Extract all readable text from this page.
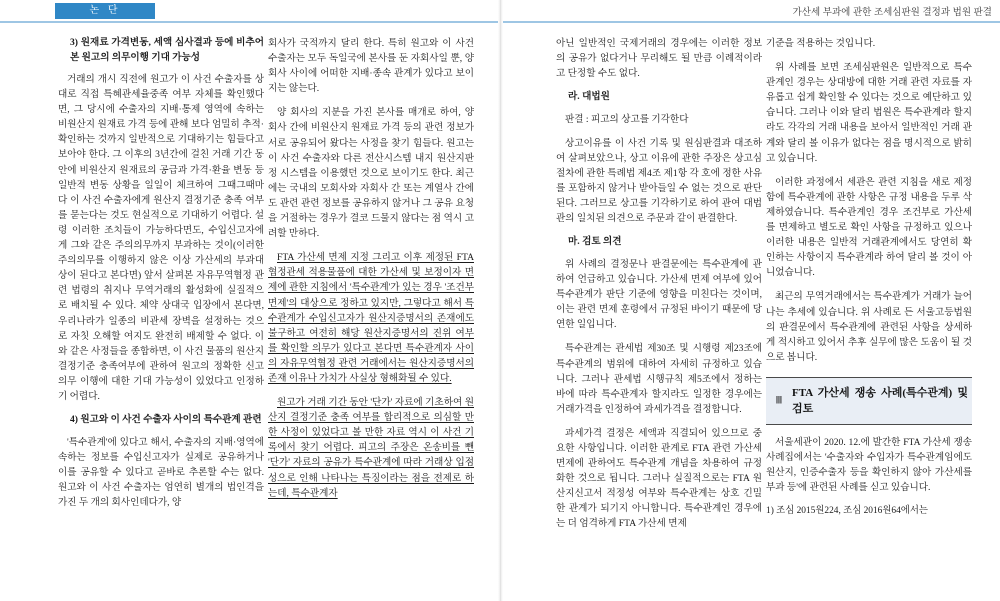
논 단	가산세 부과에 관한 조세심판원 결정과 법원 판결
3) 원재료 가격변동, 세액 심사결과 등에 비추어 본 원고의 의무이행 기대 가능성

거래의 개시 직전에 원고가 이 사건 수출자를 상대로 직접 특혜관세율중족 여부 자체를 확인했다면, 그 당시에 수출자의 지배·통제 영역에 속하는 비원산지 원재료 가격 등에 관해 보다 엄밀히 추적·확인하는 것까지 일반적으로 기대하기는 힘들다고 보아야 한다. 그 이후의 3년간에 걸친 거래 기간 동안에 비원산지 원재료의 공급과 가격·환율 변동 등 일반적 변동 상황을 일일이 체크하여 그때그때마다 이 사건 수출자에게 원산지 결정기준 충족 여부를 묻는다는 것도 현실적으로 기대하기 어렵다. 설령 이러한 조치들이 가능하다면도, 수입신고자에게 그와 같은 주의의무까지 부과하는 것이(이러한 주의의무를 이행하지 않은 이상 가산세의 부과대상이 된다고 본다면) 앞서 살펴본 자유무역협정 관련 법령의 취지나 무역거래의 활성화에 실질적으로 배치될 수 있다. 체약 상대국 입장에서 본다면, 우리나라가 일종의 비관세 장벽을 설정하는 것으로 자칫 오해할 여지도 완전히 배제할 수 없다. 이와 같은 사정들을 종합하면, 이 사건 물품의 원산지결정기준 충족여부에 관하여 원고의 정확한 신고의무 이행에 대한 기대 가능성이 있었다고 인정하기 어렵다.

4) 원고와 이 사건 수출자 사이의 특수관계 관련

'특수관계'에 있다고 해서, 수출자의 지배·영역에 속하는 정보를 수입신고자가 실제로 공유하거나 이를 공유할 수 있다고 곧바로 추론할 수는 없다. 원고와 이 사건 수출자는 엄연히 별개의 법인격을 가진 두 개의 회사인데다가, 양

회사가 국적까지 달리 한다. 특히 원고와 이 사건 수출자는 모두 독일국에 본사를 둔 자회사일 뿐, 양 회사 사이에 어떠한 지배·종속 관계가 있다고 보이지는 않는다.

양 회사의 지분을 가진 본사를 매개로 하여, 양 회사 간에 비원산지 원재료 가격 등의 관련 정보가 서로 공유되어 왔다는 사정을 찾기 힘들다. 원고는 이 사건 수출자와 다른 전산시스템 내지 원산지판정 시스템을 이용했던 것으로 보이기도 한다. 최근에는 국내의 모회사와 자회사 간 또는 계열사 간에도 관련 관련 정보를 공유하지 않거나 그 공유 요청을 거절하는 경우가 결코 드물지 않다는 점 역시 고려할 만하다.

FTA 가산세 면제 지정 그리고 이후 제정된 FTA 협정관세 적용물품에 대한 가산세 및 보정이자 면제에 관한 지침에서 '특수관계'가 있는 경우 '조건부 면제'의 대상으로 정하고 있지만, 그렇다고 해서 특수관계가 수입신고자가 원산지증명서의 존재에도 불구하고 여전히 해당 원산지증명서의 진위 여부를 확인할 의무가 있다고 본다면 특수관계자 사이의 자유무역협정 관련 거래에서는 원산지증명서의 존재 이유나 가치가 사실상 형해화될 수 있다.

원고가 거래 기간 동안 '단가' 자료에 기초하여 원산지 결정기준 충족 여부를 합리적으로 의심할 만한 사정이 있었다고 볼 만한 자료 역시 이 사건 기록에서 찾기 어렵다. 피고의 주장은 온송비를 뺀 '단가' 자료의 공유가 특수관계에 따라 거래상 입점성으로 인해 나타나는 특징이라는 점을 전제로 하는데, 특수관계자

아닌 일반적인 국제거래의 경우에는 이러한 정보의 공유가 없다거나 무리해도 될 만큼 이례적이라고 단정할 수도 없다.

라. 대법원

판결 : 피고의 상고를 기각한다

상고이유를 이 사건 기록 및 원심판결과 대조하여 살펴보았으나, 상고 이유에 관한 주장은 상고심절차에 관한 특례법 제4조 제1항 각 호에 정한 사유를 포함하지 않거나 받아들일 수 없는 것으로 판단된다. 그러므로 상고를 기각하기로 하여 관여 대법관의 일치된 의견으로 주문과 같이 판결한다.

마. 검토 의견

위 사례의 결정문나 판결문에는 특수관계에 관하여 언급하고 있습니다. 가산세 면제 여부에 있어 특수관계가 판단 기준에 영향을 미친다는 것이며, 이는 관련 면제 훈령에서 규정된 바이기 때문에 당연한 일입니다.

특수관계는 관세법 제30조 및 시행령 제23조에 특수관계의 범위에 대하여 자세히 규정하고 있습니다. 그러나 관세법 시행규칙 제5조에서 정하는 바에 따라 특수관계자 할지라도 일정한 경우에는 거래가격을 인정하여 과세가격을 결정합니다.

과세가격 결정은 세액과 직결되어 있으므로 중요한 사항입니다. 이러한 관계로 FTA 관련 가산세 면제에 관하여도 특수관계 개념을 차용하여 규정화한 것으로 됩니다. 그러나 실질적으로는 FTA 원산지신고서 적정성 여부와 특수관계는 상호 긴밀한 관계가 되기지 아니합니다. 특수관계인 경우에는 더 엄격하게 FTA 가산세 면제

기준을 적용하는 것입니다.

위 사례를 보면 조세심판원은 일반적으로 특수관계인 경우는 상대방에 대한 거래 관련 자료를 자유롭고 쉽게 확인할 수 있다는 것으로 예단하고 있습니다. 그러나 이와 달리 법원은 특수관계라 할지라도 각각의 거래 내용을 보아서 일반적인 거래 관계와 달리 볼 이유가 없다는 점을 명시적으로 밝히고 있습니다.

이러한 과정에서 세관은 관련 지침을 새로 제정함에 특수관계에 관한 사항은 규정 내용을 두루 삭제하였습니다. 특수관계인 경우 조건부로 가산세를 면제하고 별도로 확인 사항을 규정하고 있으나 이러한 내용은 일반적 거래관계에서도 당연히 확인하는 사항이지 특수관계라 하여 달리 볼 것이 아니었습니다.

최근의 무역거래에서는 특수관계가 거래가 늘어나는 추세에 있습니다. 위 사례로 든 서울고등법원의 판결문에서 특수관계에 관련된 사항을 상세하게 적시하고 있어서 추후 실무에 많은 도움이 될 것으로 봅니다.

Ⅲ
FTA 가산세 쟁송 사례(특수관계) 및 검토

서울세관이 2020. 12.에 발간한 FTA 가산세 쟁송 사례집에서는 '수출자와 수입자가 특수관계임에도 원산지, 인증수출자 등을 확인하지 않아 가산세를 부과 등'에 관련된 사례를 싣고 있습니다.

1) 조심 2015원224, 조심 2016원64에서는
